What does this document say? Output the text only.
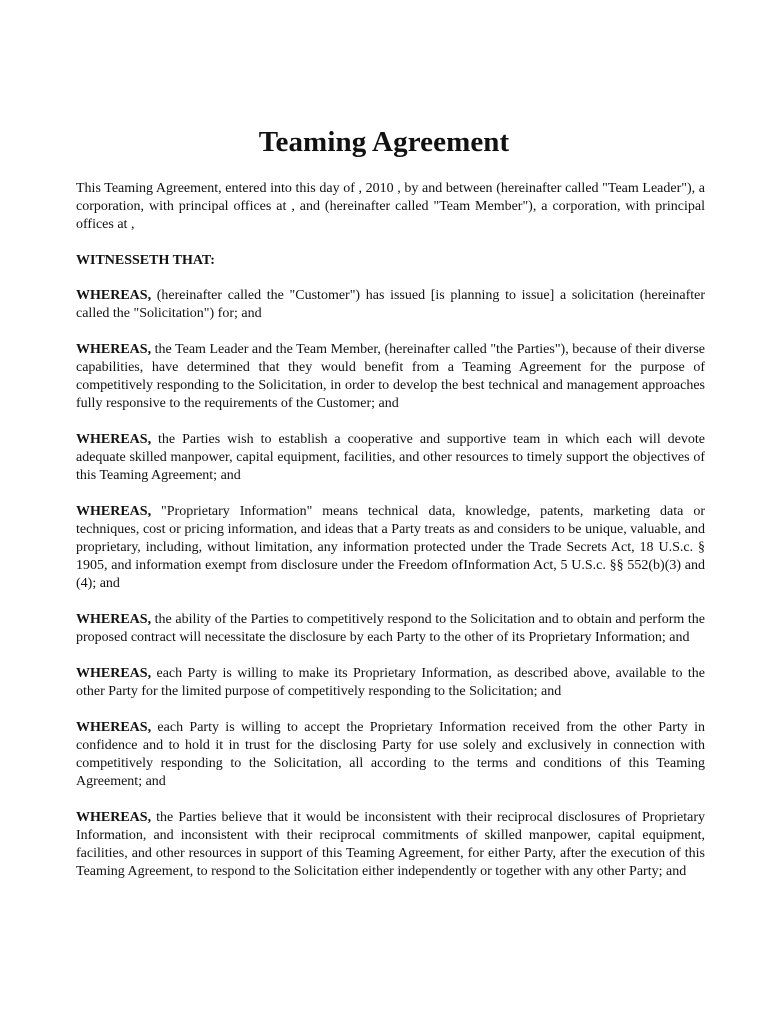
Teaming Agreement

This Teaming Agreement, entered into this day of , 2010 , by and between (hereinafter called "Team Leader"), a corporation, with principal offices at , and (hereinafter called "Team Member"), a corporation, with principal offices at ,

WITNESSETH THAT:

WHEREAS, (hereinafter called the "Customer") has issued [is planning to issue] a solicitation (hereinafter called the "Solicitation") for; and

WHEREAS, the Team Leader and the Team Member, (hereinafter called "the Parties"), because of their diverse capabilities, have determined that they would benefit from a Teaming Agreement for the purpose of competitively responding to the Solicitation, in order to develop the best technical and management approaches fully responsive to the requirements of the Customer; and

WHEREAS, the Parties wish to establish a cooperative and supportive team in which each will devote adequate skilled manpower, capital equipment, facilities, and other resources to timely support the objectives of this Teaming Agreement; and

WHEREAS, "Proprietary Information" means technical data, knowledge, patents, marketing data or techniques, cost or pricing information, and ideas that a Party treats as and considers to be unique, valuable, and proprietary, including, without limitation, any information protected under the Trade Secrets Act, 18 U.S.c. § 1905, and information exempt from disclosure under the Freedom ofInformation Act, 5 U.S.c. §§ 552(b)(3) and (4); and

WHEREAS, the ability of the Parties to competitively respond to the Solicitation and to obtain and perform the proposed contract will necessitate the disclosure by each Party to the other of its Proprietary Information; and

WHEREAS, each Party is willing to make its Proprietary Information, as described above, available to the other Party for the limited purpose of competitively responding to the Solicitation; and

WHEREAS, each Party is willing to accept the Proprietary Information received from the other Party in confidence and to hold it in trust for the disclosing Party for use solely and exclusively in connection with competitively responding to the Solicitation, all according to the terms and conditions of this Teaming Agreement; and

WHEREAS, the Parties believe that it would be inconsistent with their reciprocal disclosures of Proprietary Information, and inconsistent with their reciprocal commitments of skilled manpower, capital equipment, facilities, and other resources in support of this Teaming Agreement, for either Party, after the execution of this Teaming Agreement, to respond to the Solicitation either independently or together with any other Party; and
